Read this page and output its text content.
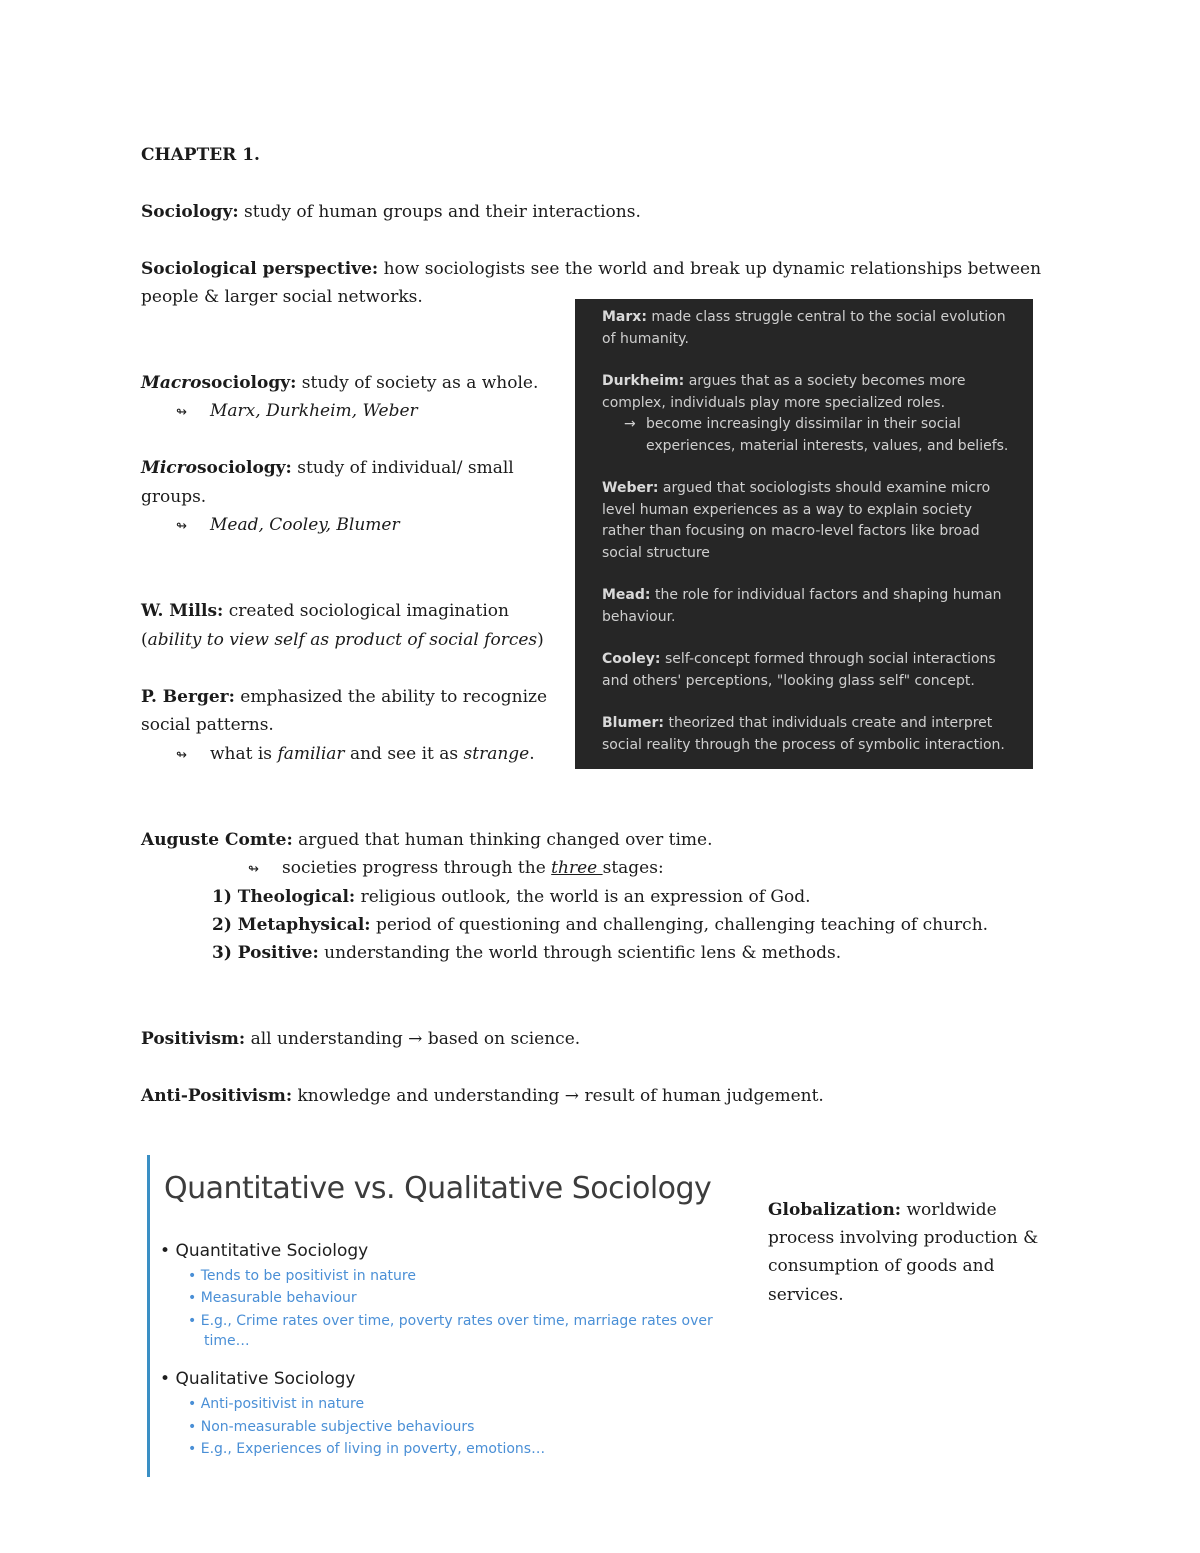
CHAPTER 1.
Sociology: study of human groups and their interactions.
Sociological perspective: how sociologists see the world and break up dynamic relationships between
people & larger social networks.
Macrosociology: study of society as a whole.
↬ Marx, Durkheim, Weber
Microsociology: study of individual/ small
groups.
↬ Mead, Cooley, Blumer
W. Mills: created sociological imagination
(ability to view self as product of social forces)
P. Berger: emphasized the ability to recognize
social patterns.
↬ what is familiar and see it as strange.
Marx: made class struggle central to the social evolution of humanity.
Durkheim: argues that as a society becomes more complex, individuals play more specialized roles.
→ become increasingly dissimilar in their social experiences, material interests, values, and beliefs.
Weber: argued that sociologists should examine micro level human experiences as a way to explain society rather than focusing on macro-level factors like broad social structure
Mead: the role for individual factors and shaping human behaviour.
Cooley: self-concept formed through social interactions and others' perceptions, "looking glass self" concept.
Blumer: theorized that individuals create and interpret social reality through the process of symbolic interaction.
Auguste Comte: argued that human thinking changed over time.
↬ societies progress through the three stages:
1) Theological: religious outlook, the world is an expression of God.
2) Metaphysical: period of questioning and challenging, challenging teaching of church.
3) Positive: understanding the world through scientific lens & methods.
Positivism: all understanding → based on science.
Anti-Positivism: knowledge and understanding → result of human judgement.
Quantitative vs. Qualitative Sociology
• Quantitative Sociology
• Tends to be positivist in nature
• Measurable behaviour
• E.g., Crime rates over time, poverty rates over time, marriage rates over
time…
• Qualitative Sociology
• Anti-positivist in nature
• Non-measurable subjective behaviours
• E.g., Experiences of living in poverty, emotions…
Globalization: worldwide
process involving production &
consumption of goods and
services.
